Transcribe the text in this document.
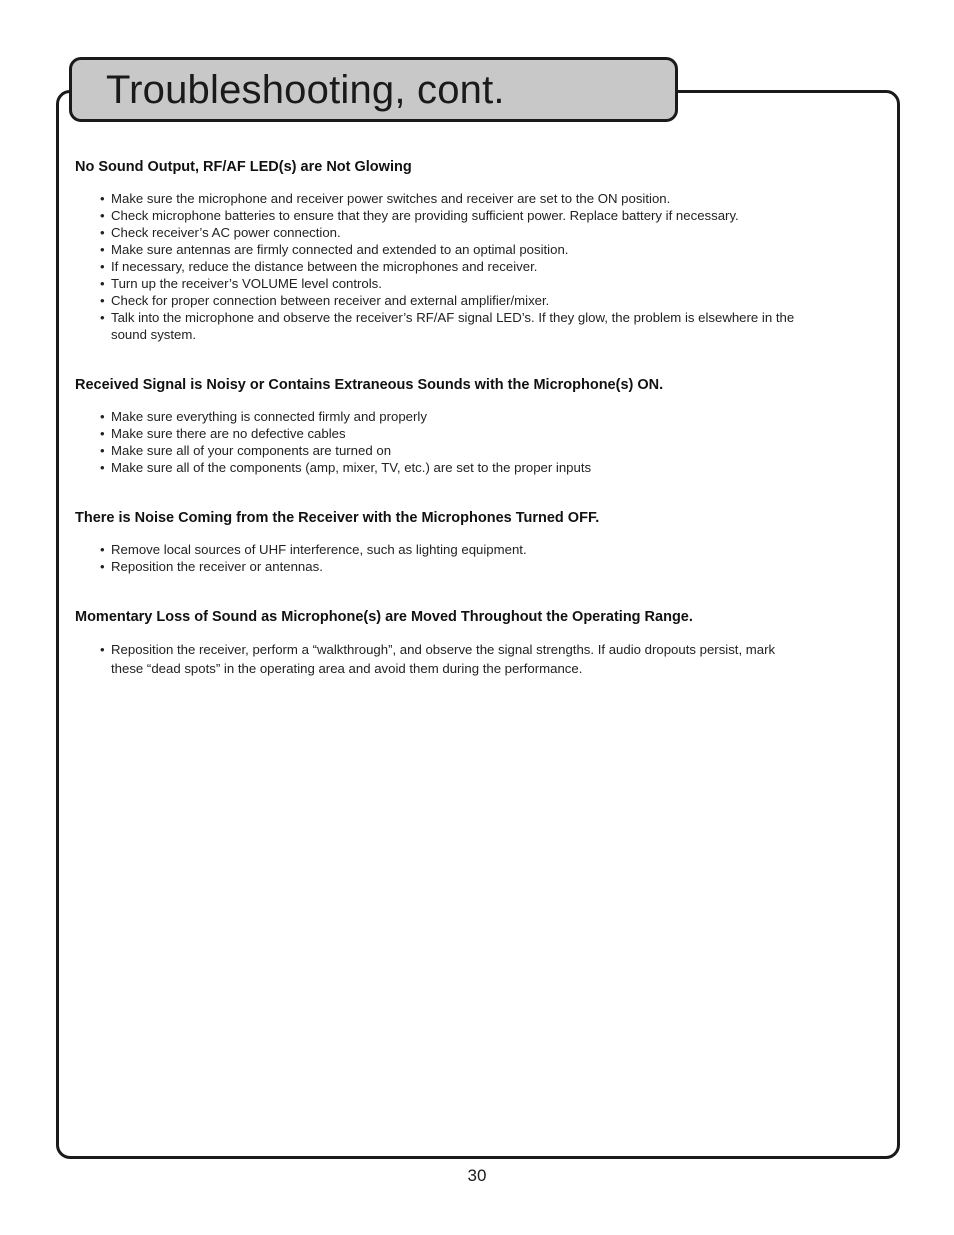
Troubleshooting, cont.
No Sound Output, RF/AF LED(s) are Not Glowing
• Make sure the microphone and receiver power switches and receiver are set to the ON position.
• Check microphone batteries to ensure that they are providing sufficient power. Replace battery if necessary.
• Check receiver’s AC power connection.
• Make sure antennas are firmly connected and extended to an optimal position.
• If necessary, reduce the distance between the microphones and receiver.
• Turn up the receiver’s VOLUME level controls.
• Check for proper connection between receiver and external amplifier/mixer.
• Talk into the microphone and observe the receiver’s RF/AF signal LED’s. If they glow, the problem is elsewhere in the sound system.
Received Signal is Noisy or Contains Extraneous Sounds with the Microphone(s) ON.
• Make sure everything is connected firmly and properly
• Make sure there are no defective cables
• Make sure all of your components are turned on
• Make sure all of the components (amp, mixer, TV, etc.) are set to the proper inputs
There is Noise Coming from the Receiver with the Microphones Turned OFF.
• Remove local sources of UHF interference, such as lighting equipment.
• Reposition the receiver or antennas.
Momentary Loss of Sound as Microphone(s) are Moved Throughout the Operating Range.
• Reposition the receiver, perform a “walkthrough”, and observe the signal strengths. If audio dropouts persist, mark these “dead spots” in the operating area and avoid them during the performance.
30
